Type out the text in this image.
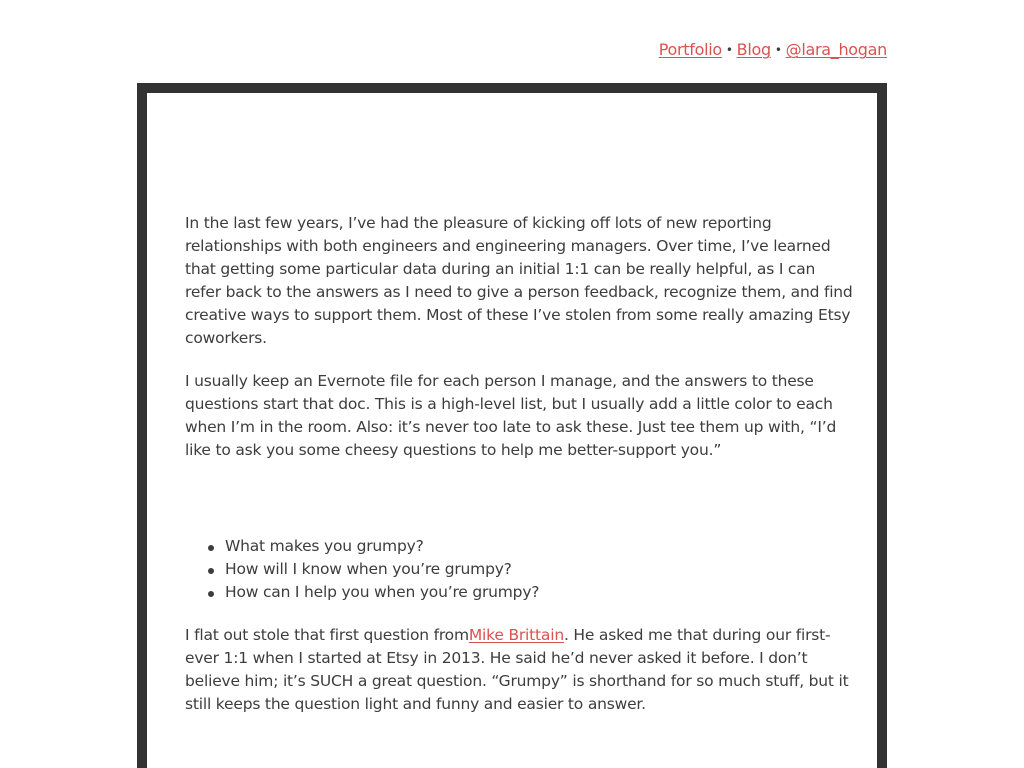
Portfolio • Blog • @lara_hogan

In the last few years, I’ve had the pleasure of kicking off lots of new reporting relationships with both engineers and engineering managers. Over time, I’ve learned that getting some particular data during an initial 1:1 can be really helpful, as I can refer back to the answers as I need to give a person feedback, recognize them, and find creative ways to support them. Most of these I’ve stolen from some really amazing Etsy coworkers.

I usually keep an Evernote file for each person I manage, and the answers to these questions start that doc. This is a high-level list, but I usually add a little color to each when I’m in the room. Also: it’s never too late to ask these. Just tee them up with, “I’d like to ask you some cheesy questions to help me better-support you.”

What makes you grumpy?
How will I know when you’re grumpy?
How can I help you when you’re grumpy?

I flat out stole that first question fromMike Brittain. He asked me that during our first-ever 1:1 when I started at Etsy in 2013. He said he’d never asked it before. I don’t believe him; it’s SUCH a great question. “Grumpy” is shorthand for so much stuff, but it still keeps the question light and funny and easier to answer.
